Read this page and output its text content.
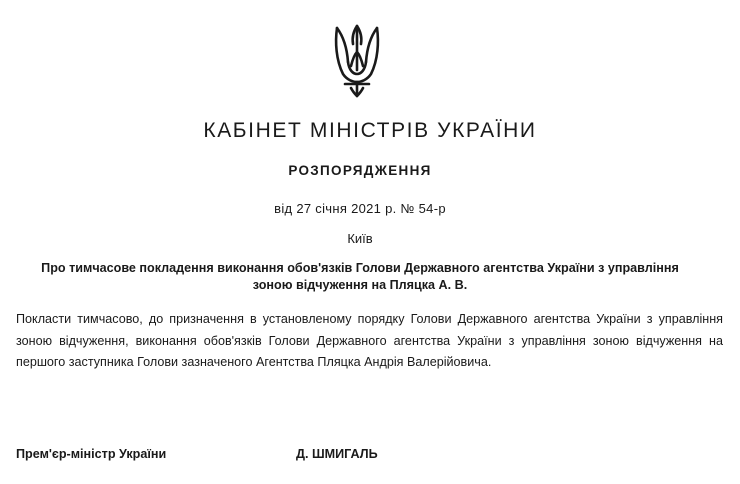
КАБІНЕТ МІНІСТРІВ УКРАЇНИ
РОЗПОРЯДЖЕННЯ
від 27 січня 2021 р. № 54-р
Київ
Про тимчасове покладення виконання обов'язків Голови Державного агентства України з управління
зоною відчуження на Пляцка А. В.
Покласти тимчасово, до призначення в установленому порядку Голови Державного агентства України з управління зоною відчуження, виконання обов'язків Голови Державного агентства України з управління зоною відчуження на першого заступника Голови зазначеного Агентства Пляцка Андрія Валерійовича.
Прем'єр-міністр України	Д. ШМИГАЛЬ
